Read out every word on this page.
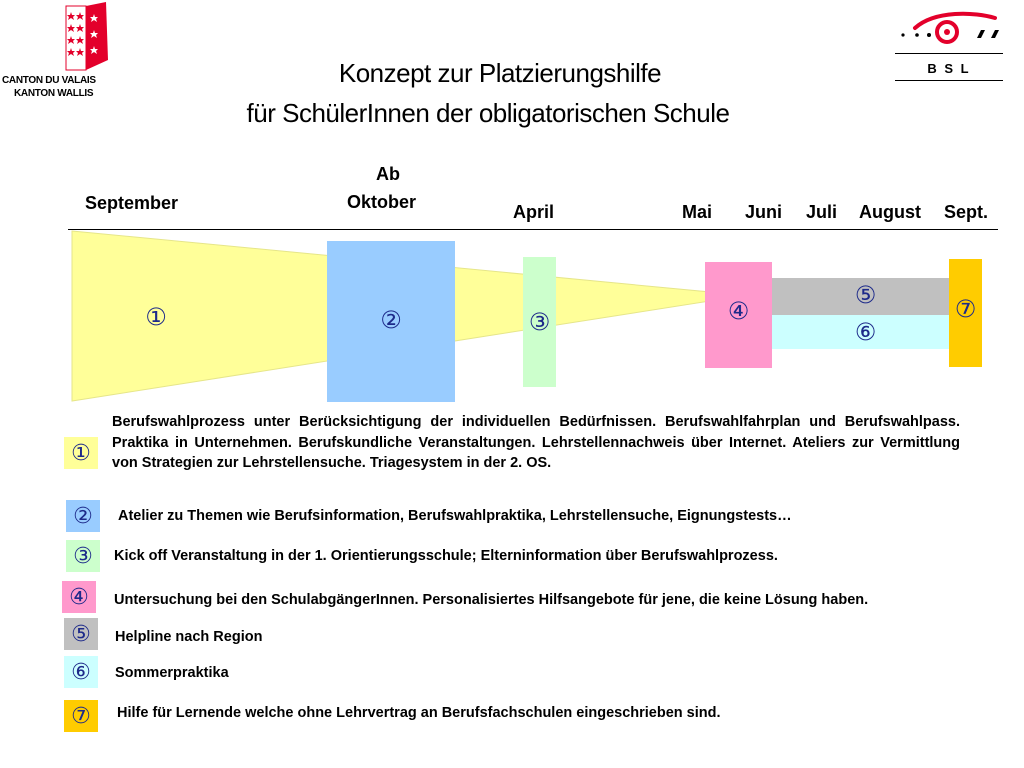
CANTON DU VALAIS
KANTON WALLIS
B S L
Konzept zur Platzierungshilfe
für SchülerInnen der obligatorischen Schule
September
Ab
Oktober	April	Mai Juni Juli August Sept.
①	②	③	④
⑤
⑥
⑦
①
Berufswahlprozess unter Berücksichtigung der individuellen Bedürfnissen. Berufswahlfahrplan und Berufswahlpass. Praktika in Unternehmen. Berufskundliche Veranstaltungen. Lehrstellennachweis über Internet. Ateliers zur Vermittlung von Strategien zur Lehrstellensuche. Triagesystem in der 2. OS.
②	Atelier zu Themen wie Berufsinformation, Berufswahlpraktika, Lehrstellensuche, Eignungstests…
③	Kick off Veranstaltung in der 1. Orientierungsschule; Elterninformation über Berufswahlprozess.
④	Untersuchung bei den SchulabgängerInnen. Personalisiertes Hilfsangebote für jene, die keine Lösung haben.
⑤	Helpline nach Region
⑥	Sommerpraktika
⑦	Hilfe für Lernende welche ohne Lehrvertrag an Berufsfachschulen eingeschrieben sind.
